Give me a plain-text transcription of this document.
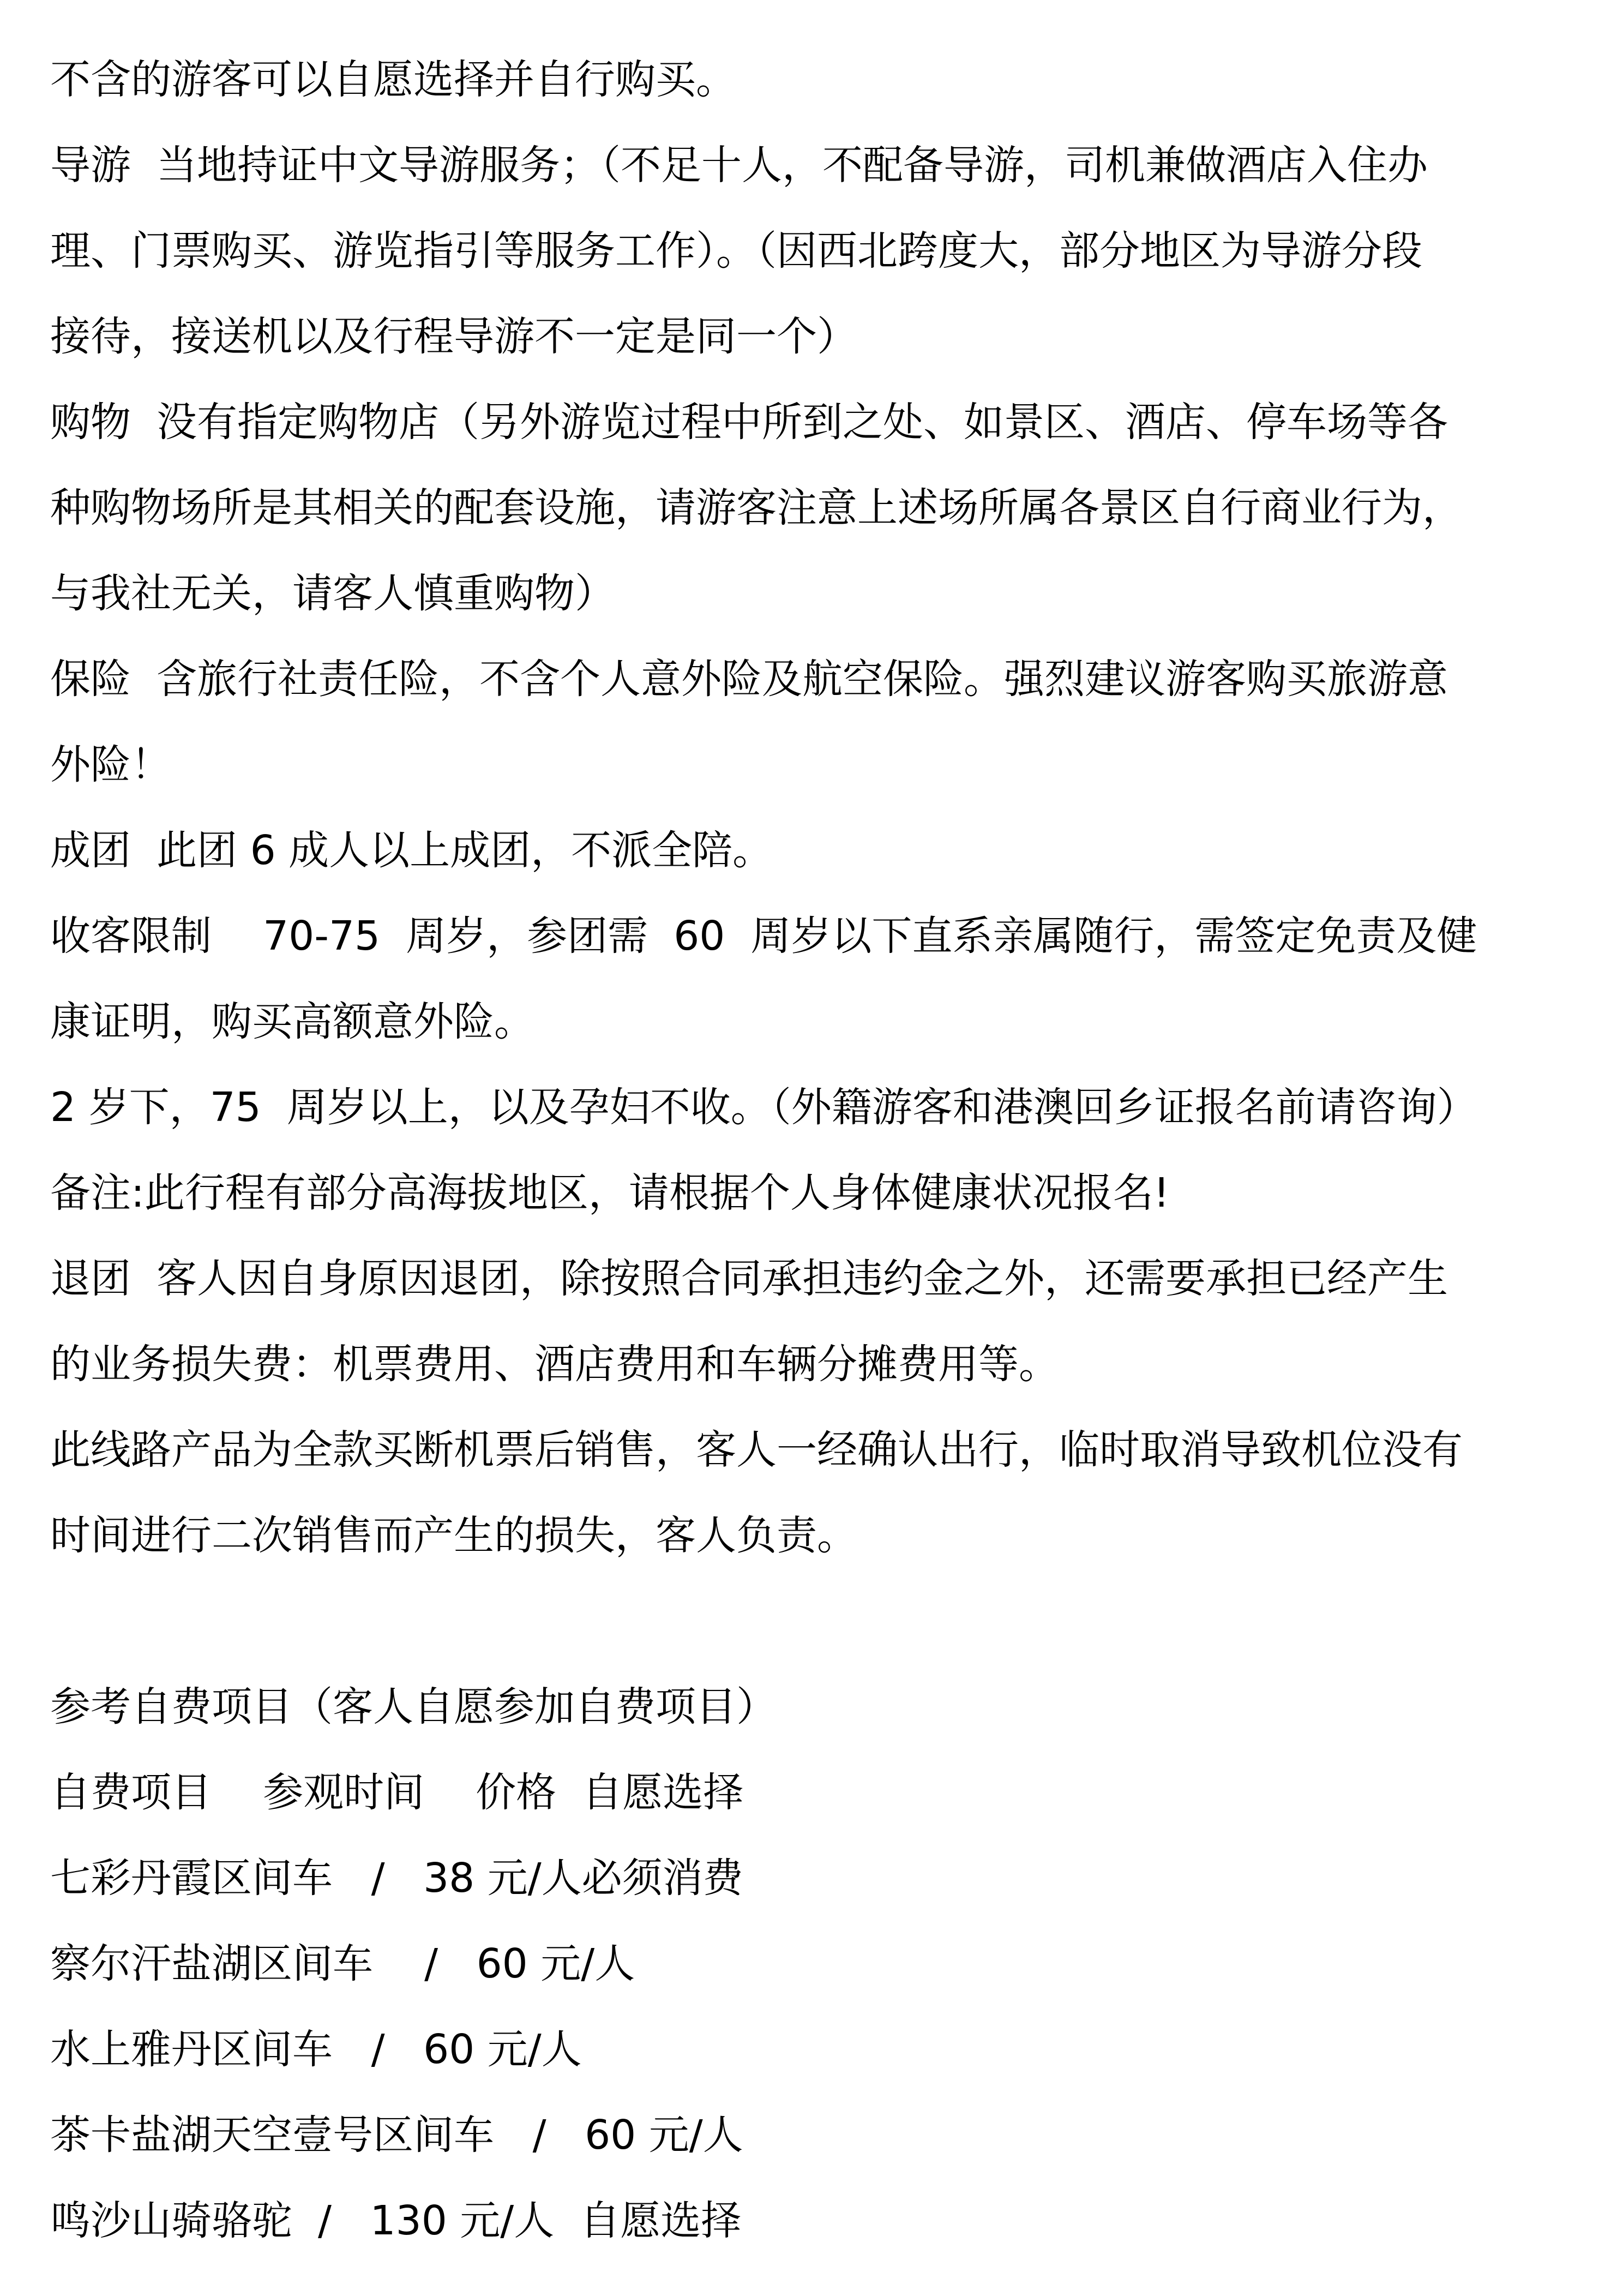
不含的游客可以自愿选择并自行购买。
导游  当地持证中文导游服务；（不足十人，不配备导游，司机兼做酒店入住办
理、门票购买、游览指引等服务工作）。（因西北跨度大，部分地区为导游分段
接待，接送机以及行程导游不一定是同一个）
购物  没有指定购物店（另外游览过程中所到之处、如景区、酒店、停车场等各
种购物场所是其相关的配套设施，请游客注意上述场所属各景区自行商业行为，
与我社无关，请客人慎重购物）
保险  含旅行社责任险，不含个人意外险及航空保险。强烈建议游客购买旅游意
外险！
成团  此团 6 成人以上成团，不派全陪。
收客限制    70-75  周岁，参团需  60  周岁以下直系亲属随行，需签定免责及健
康证明，购买高额意外险。
2 岁下，75  周岁以上，以及孕妇不收。（外籍游客和港澳回乡证报名前请咨询）
备注:此行程有部分高海拔地区，请根据个人身体健康状况报名!
退团  客人因自身原因退团，除按照合同承担违约金之外，还需要承担已经产生
的业务损失费：机票费用、酒店费用和车辆分摊费用等。
此线路产品为全款买断机票后销售，客人一经确认出行，临时取消导致机位没有
时间进行二次销售而产生的损失，客人负责。
参考自费项目（客人自愿参加自费项目）
自费项目    参观时间    价格  自愿选择
七彩丹霞区间车   /   38 元/人必须消费
察尔汗盐湖区间车    /   60 元/人
水上雅丹区间车   /   60 元/人
茶卡盐湖天空壹号区间车   /   60 元/人
鸣沙山骑骆驼  /   130 元/人  自愿选择
